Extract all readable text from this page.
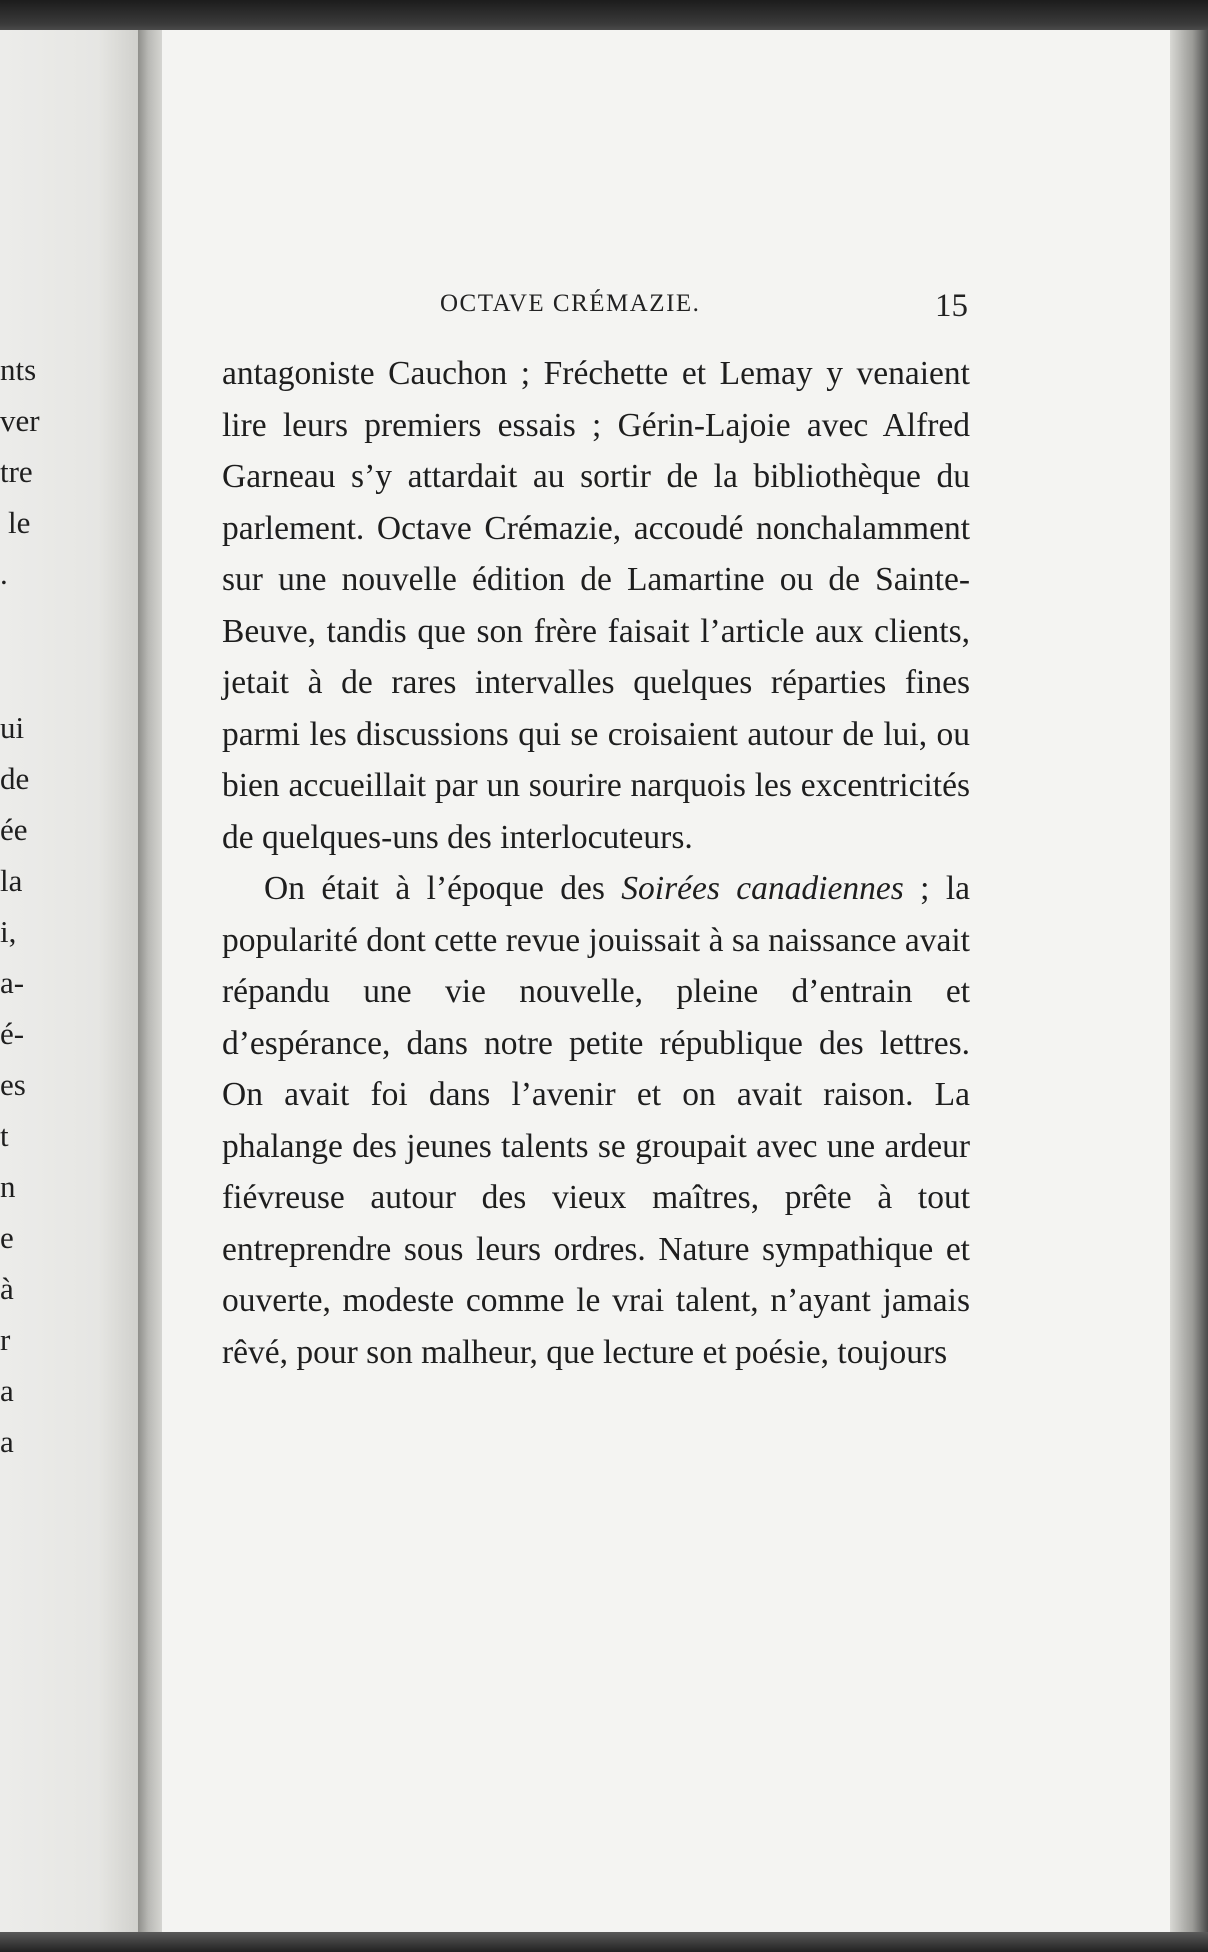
nts
ver
tre
le
.
ui
de
ée
la
i,
a-
é-
es
t
n
e
à
r
a
a
OCTAVE CRÉMAZIE.	15

antagoniste Cauchon ; Fréchette et Lemay y venaient lire leurs premiers essais ; Gérin-Lajoie avec Alfred Garneau s’y attardait au sortir de la bibliothèque du parlement. Octave Crémazie, accoudé nonchalamment sur une nouvelle édition de Lamartine ou de Sainte-Beuve, tandis que son frère faisait l’article aux clients, jetait à de rares intervalles quelques réparties fines parmi les discussions qui se croisaient autour de lui, ou bien accueillait par un sourire narquois les excentricités de quelques-uns des interlocuteurs.

On était à l’époque des Soirées canadiennes ; la popularité dont cette revue jouissait à sa naissance avait répandu une vie nouvelle, pleine d’entrain et d’espérance, dans notre petite république des lettres. On avait foi dans l’avenir et on avait raison. La phalange des jeunes talents se groupait avec une ardeur fiévreuse autour des vieux maîtres, prête à tout entreprendre sous leurs ordres. Nature sympathique et ouverte, modeste comme le vrai talent, n’ayant jamais rêvé, pour son malheur, que lecture et poésie, toujours
